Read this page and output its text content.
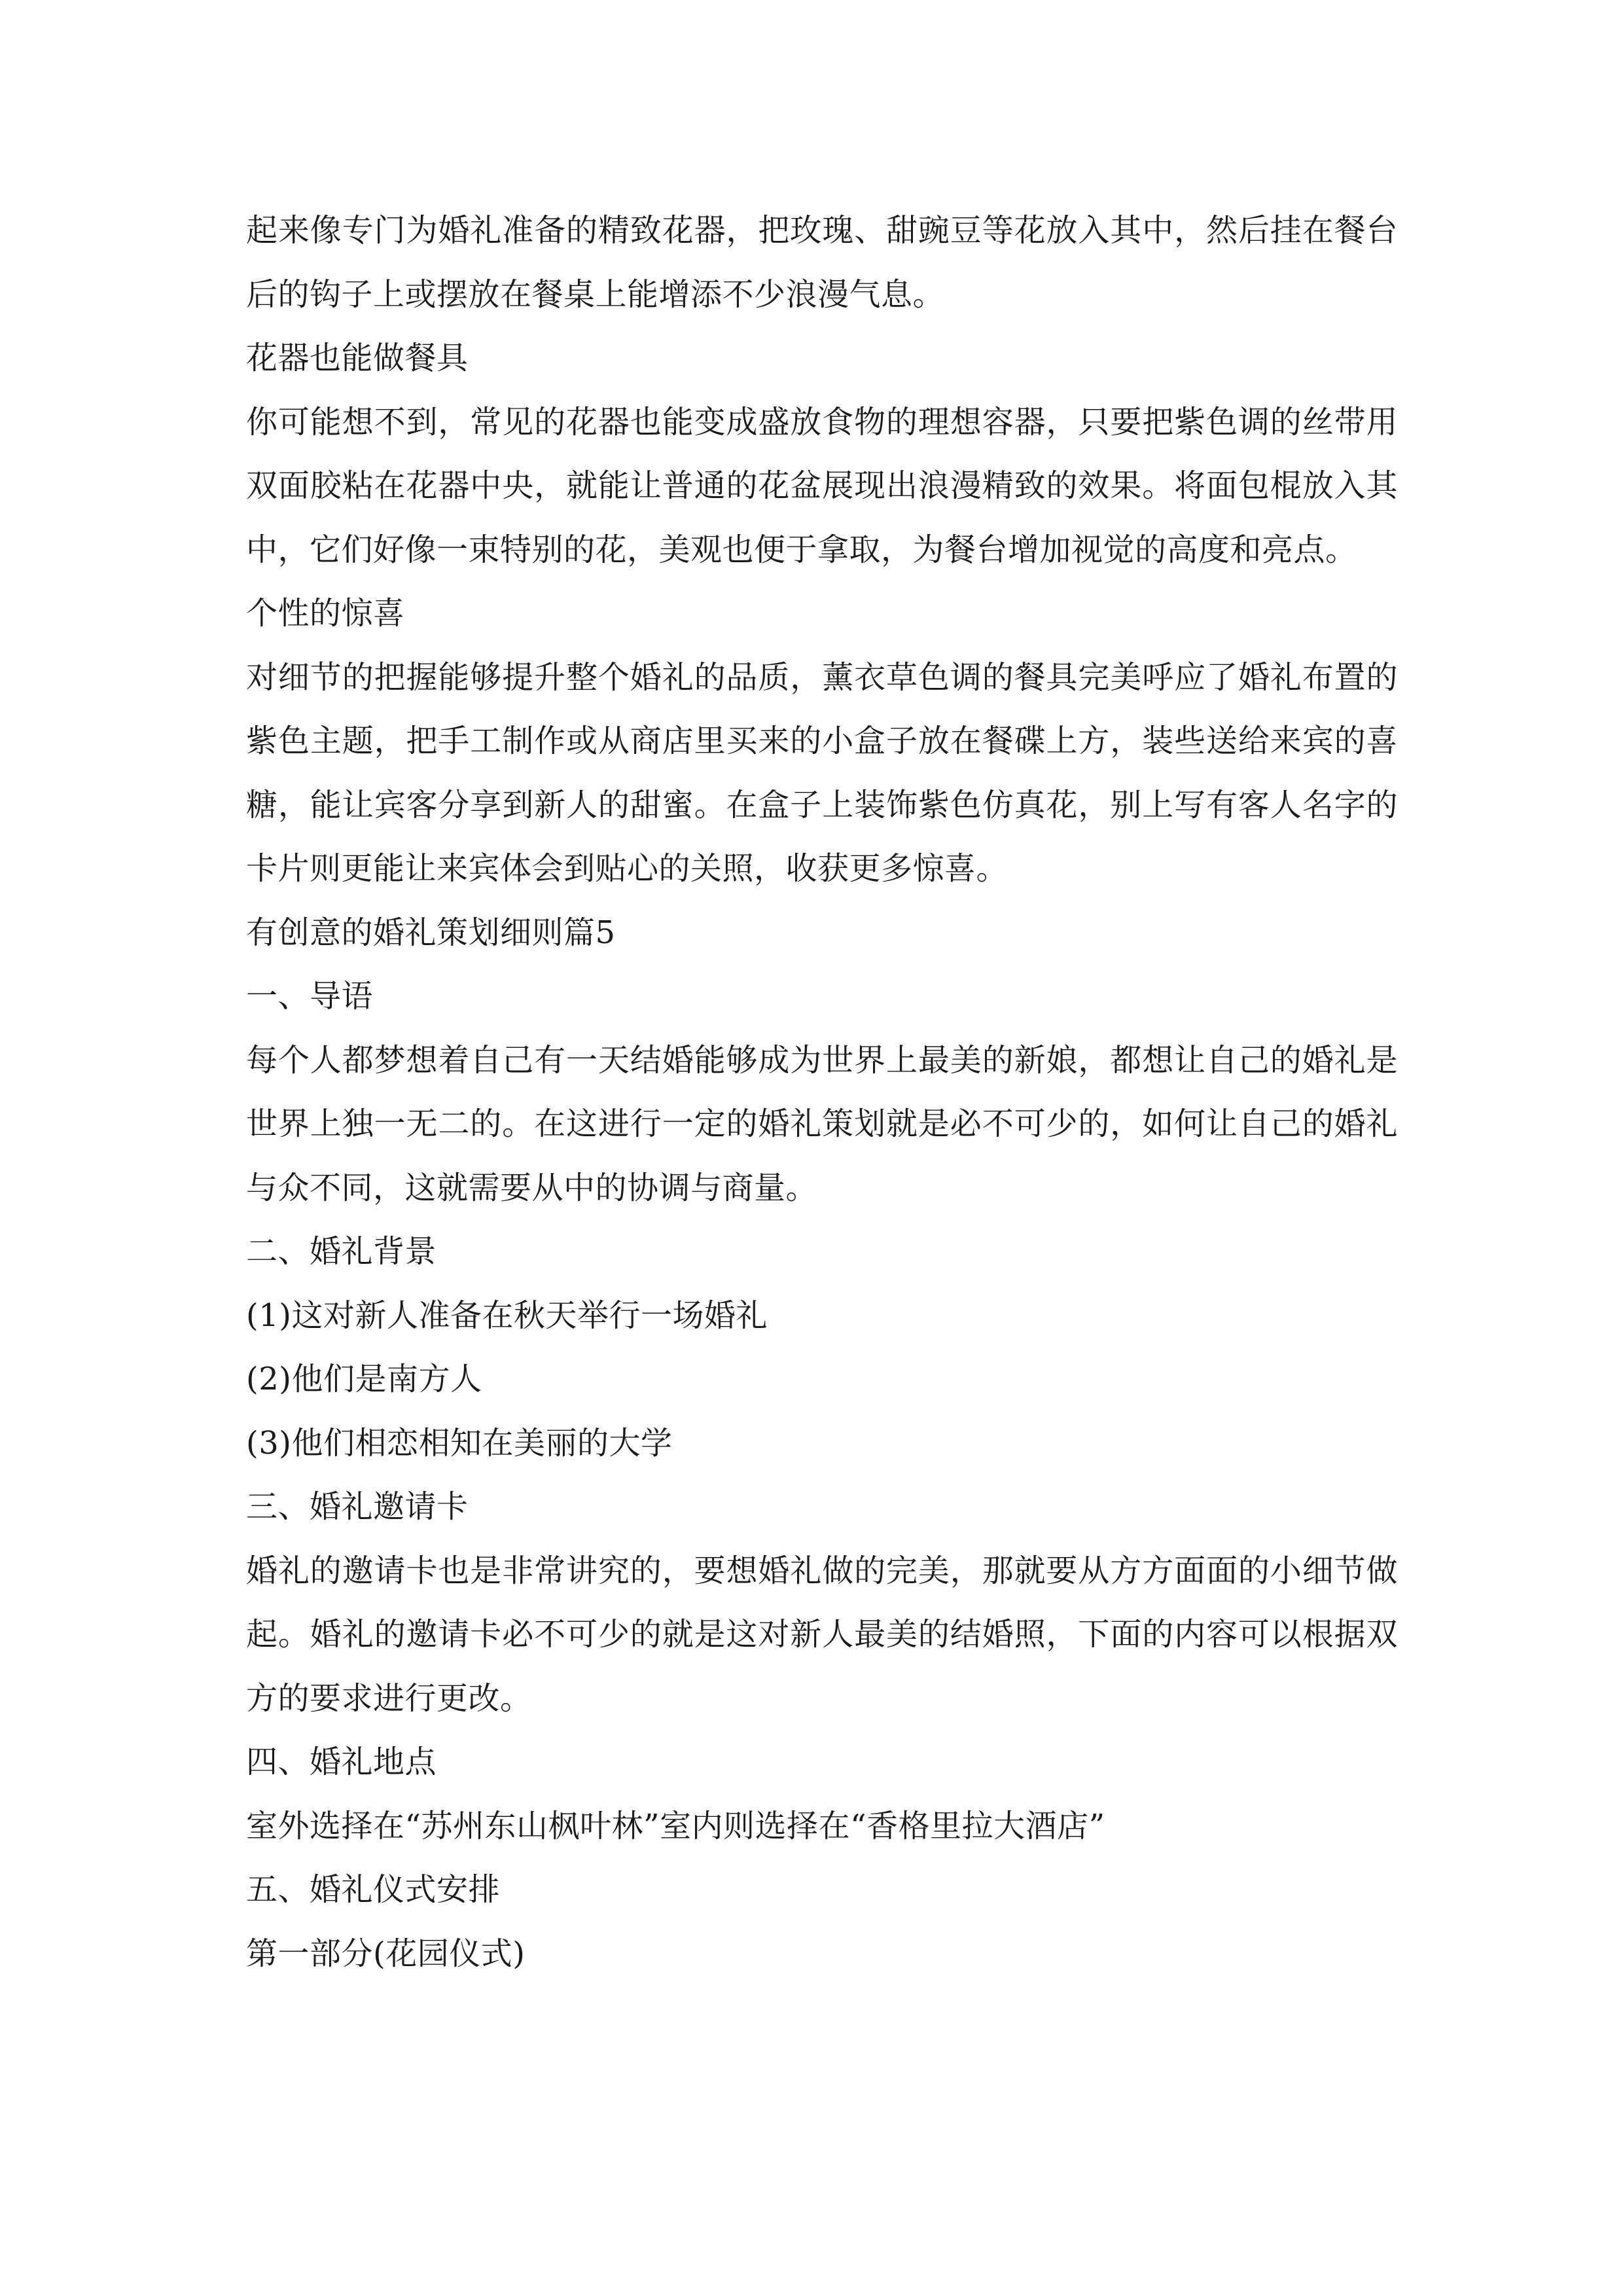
起来像专门为婚礼准备的精致花器，把玫瑰、甜豌豆等花放入其中，然后挂在餐台后的钩子上或摆放在餐桌上能增添不少浪漫气息。

花器也能做餐具

你可能想不到，常见的花器也能变成盛放食物的理想容器，只要把紫色调的丝带用双面胶粘在花器中央，就能让普通的花盆展现出浪漫精致的效果。将面包棍放入其中，它们好像一束特别的花，美观也便于拿取，为餐台增加视觉的高度和亮点。

个性的惊喜

对细节的把握能够提升整个婚礼的品质，薰衣草色调的餐具完美呼应了婚礼布置的紫色主题，把手工制作或从商店里买来的小盒子放在餐碟上方，装些送给来宾的喜糖，能让宾客分享到新人的甜蜜。在盒子上装饰紫色仿真花，别上写有客人名字的卡片则更能让来宾体会到贴心的关照，收获更多惊喜。

有创意的婚礼策划细则篇5

一、导语

每个人都梦想着自己有一天结婚能够成为世界上最美的新娘，都想让自己的婚礼是世界上独一无二的。在这进行一定的婚礼策划就是必不可少的，如何让自己的婚礼与众不同，这就需要从中的协调与商量。

二、婚礼背景

(1)这对新人准备在秋天举行一场婚礼

(2)他们是南方人

(3)他们相恋相知在美丽的大学

三、婚礼邀请卡

婚礼的邀请卡也是非常讲究的，要想婚礼做的完美，那就要从方方面面的小细节做起。婚礼的邀请卡必不可少的就是这对新人最美的结婚照，下面的内容可以根据双方的要求进行更改。

四、婚礼地点

室外选择在“苏州东山枫叶林”室内则选择在“香格里拉大酒店”

五、婚礼仪式安排

第一部分(花园仪式)
